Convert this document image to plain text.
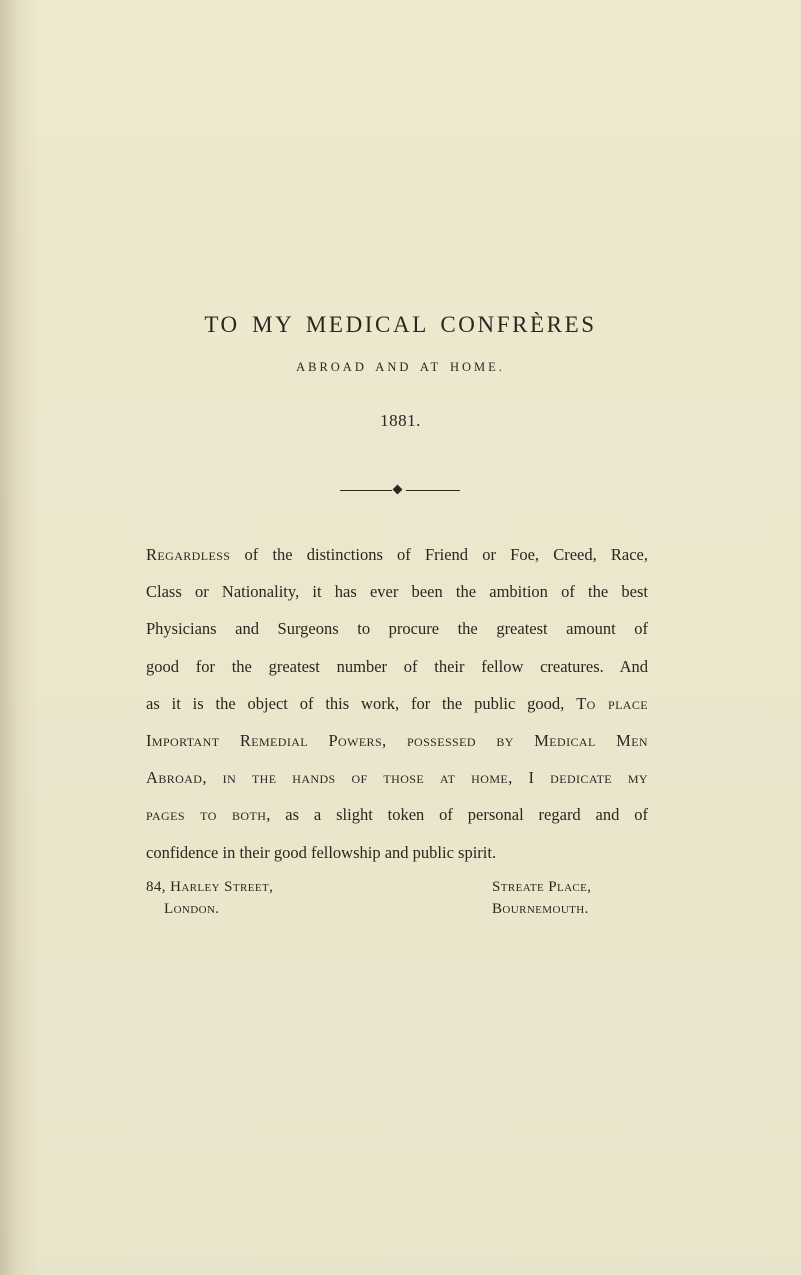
TO MY MEDICAL CONFRÈRES
ABROAD AND AT HOME.
1881.
Regardless of the distinctions of Friend or Foe, Creed, Race,
Class or Nationality, it has ever been the ambition of the best
Physicians and Surgeons to procure the greatest amount of
good for the greatest number of their fellow creatures. And
as it is the object of this work, for the public good, To place
Important Remedial Powers, possessed by Medical Men
Abroad, in the hands of those at home, I dedicate my
pages to both, as a slight token of personal regard and of
confidence in their good fellowship and public spirit.
84, Harley Street,
London.
Streate Place,
Bournemouth.
